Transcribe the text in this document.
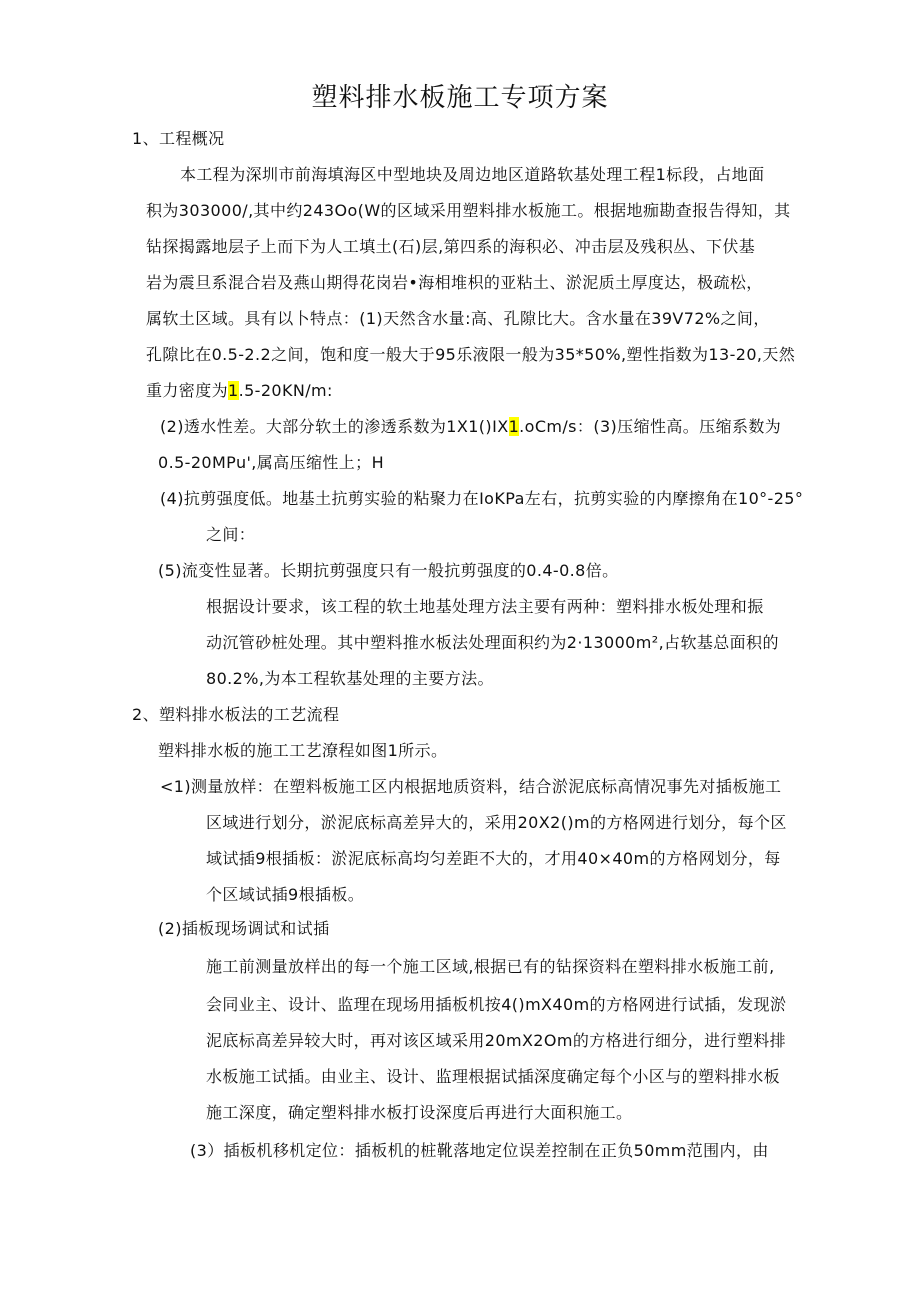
塑料排水板施工专项方案
1、工程概况
本工程为深圳市前海填海区中型地块及周边地区道路软基处理工程1标段，占地面
积为303000/,其中约243Oo(W的区域采用塑料排水板施工。根据地痂勘查报告得知，其
钻探揭露地层子上而下为人工填土(石)层,第四系的海积必、冲击层及残积丛、下伏基
岩为震旦系混合岩及燕山期得花岗岩•海相堆枳的亚粘土、淤泥质土厚度达，极疏松，
属软土区域。具有以卜特点：(1)天然含水量:高、孔隙比大。含水量在39V72%之间，
孔隙比在0.5-2.2之间，饱和度一般大于95乐液限一般为35*50%,塑性指数为13-20,天然
重力密度为1.5-20KN∕m:
(2)透水性差。大部分软土的渗透系数为1X1()IX1.oCm/s：(3)压缩性高。压缩系数为
0.5-20MPu',属高压缩性上；H
(4)抗剪强度低。地基土抗剪实验的粘聚力在IoKPa左右，抗剪实验的内摩擦角在10°-25°
之间：
(5)流变性显著。长期抗剪强度只有一般抗剪强度的0.4-0.8倍。
根据设计要求，该工程的软土地基处理方法主要有两种：塑料排水板处理和振
动沉管砂桩处理。其中塑料推水板法处理面积约为2·13000m²,占软基总面积的
80.2%,为本工程软基处理的主要方法。
2、塑料排水板法的工艺流程
塑料排水板的施工工艺潦程如图1所示。
<1)测量放样：在塑料板施工区内根据地质资料，结合淤泥底标高情况事先对插板施工
区域进行划分，淤泥底标高差异大的，采用20X2()m的方格网进行划分，每个区
域试插9根插板：淤泥底标高均匀差距不大的，才用40×40m的方格网划分，每
个区域试插9根插板。
(2)插板现场调试和试插
施工前测量放样出的每一个施工区域,根据已有的钻探资料在塑料排水板施工前,
会同业主、设计、监理在现场用插板机按4()mX40m的方格网进行试插，发现淤
泥底标高差异较大时，再对该区域采用20mX2Om的方格进行细分，进行塑料排
水板施工试插。由业主、设计、监理根据试插深度确定每个小区与的塑料排水板
施工深度，确定塑料排水板打设深度后再进行大面积施工。
(3）插板机移机定位：插板机的桩靴落地定位误差控制在正负50mm范围内，由
